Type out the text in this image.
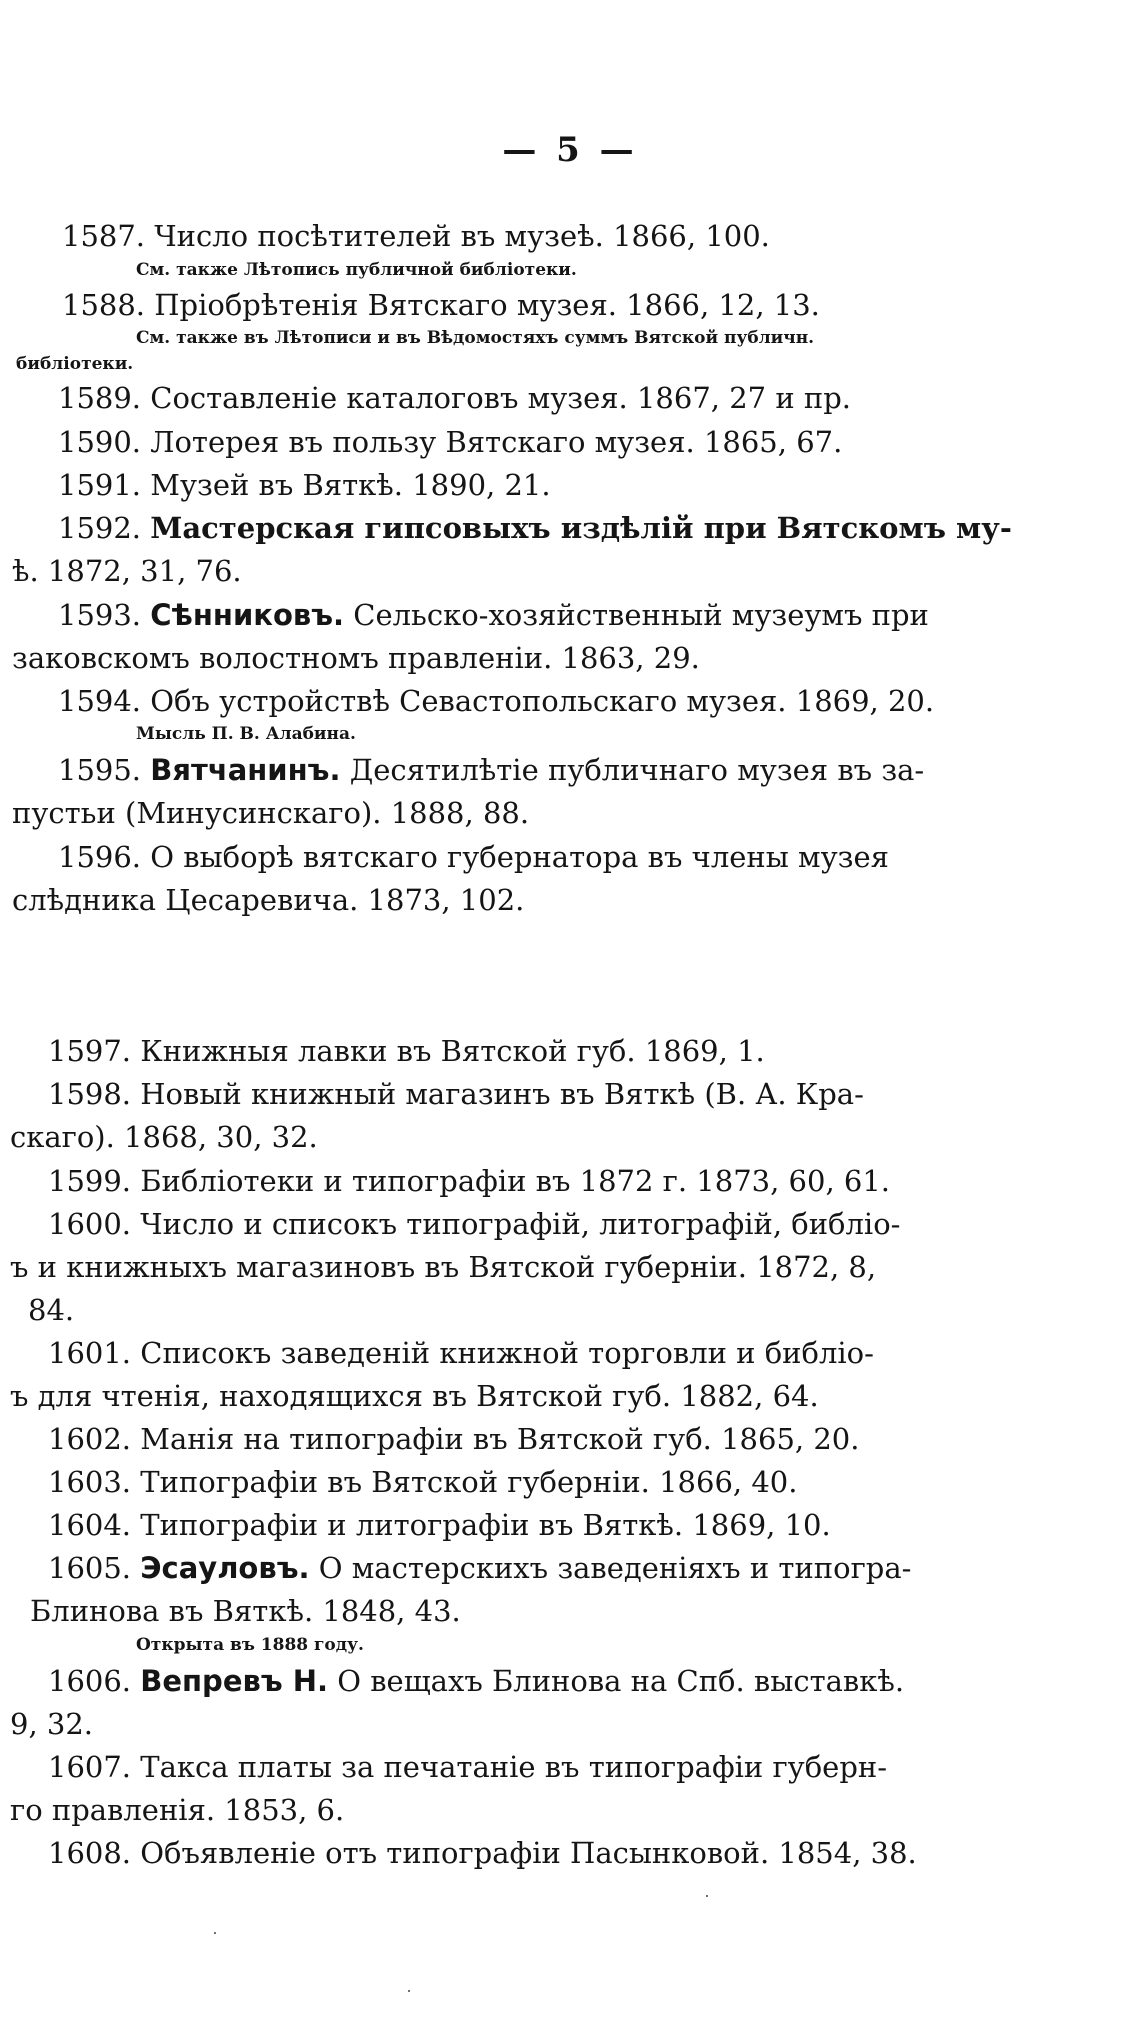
— 5 —
1587. Число посѣтителей въ музеѣ. 1866, 100.
См. также Лѣтопись публичной библіотеки.
1588. Пріобрѣтенія Вятскаго музея. 1866, 12, 13.
См. также въ Лѣтописи и въ Вѣдомостяхъ суммъ Вятской публичн.
библіотеки.
1589. Составленіе каталоговъ музея. 1867, 27 и пр.
1590. Лотерея въ пользу Вятскаго музея. 1865, 67.
1591. Музей въ Вяткѣ. 1890, 21.
1592. Мастерская гипсовыхъ издѣлій при Вятскомъ му-
ѣ. 1872, 31, 76.
1593. Сѣнниковъ. Сельско-хозяйственный музеумъ при
заковскомъ волостномъ правленіи. 1863, 29.
1594. Объ устройствѣ Севастопольскаго музея. 1869, 20.
Мысль П. В. Алабина.
1595. Вятчанинъ. Десятилѣтіе публичнаго музея въ за-
пустьи (Минусинскаго). 1888, 88.
1596. О выборѣ вятскаго губернатора въ члены музея
слѣдника Цесаревича. 1873, 102.
1597. Книжныя лавки въ Вятской губ. 1869, 1.
1598. Новый книжный магазинъ въ Вяткѣ (В. А. Кра-
скаго). 1868, 30, 32.
1599. Библіотеки и типографіи въ 1872 г. 1873, 60, 61.
1600. Число и списокъ типографій, литографій, библіо-
ъ и книжныхъ магазиновъ въ Вятской губерніи. 1872, 8,
84.
1601. Списокъ заведеній книжной торговли и библіо-
ъ для чтенія, находящихся въ Вятской губ. 1882, 64.
1602. Манія на типографіи въ Вятской губ. 1865, 20.
1603. Типографіи въ Вятской губерніи. 1866, 40.
1604. Типографіи и литографіи въ Вяткѣ. 1869, 10.
1605. Эсауловъ. О мастерскихъ заведеніяхъ и типогра-
Блинова въ Вяткѣ. 1848, 43.
Открыта въ 1888 году.
1606. Вепревъ Н. О вещахъ Блинова на Спб. выставкѣ.
9, 32.
1607. Такса платы за печатаніе въ типографіи губерн-
го правленія. 1853, 6.
1608. Объявленіе отъ типографіи Пасынковой. 1854, 38.
